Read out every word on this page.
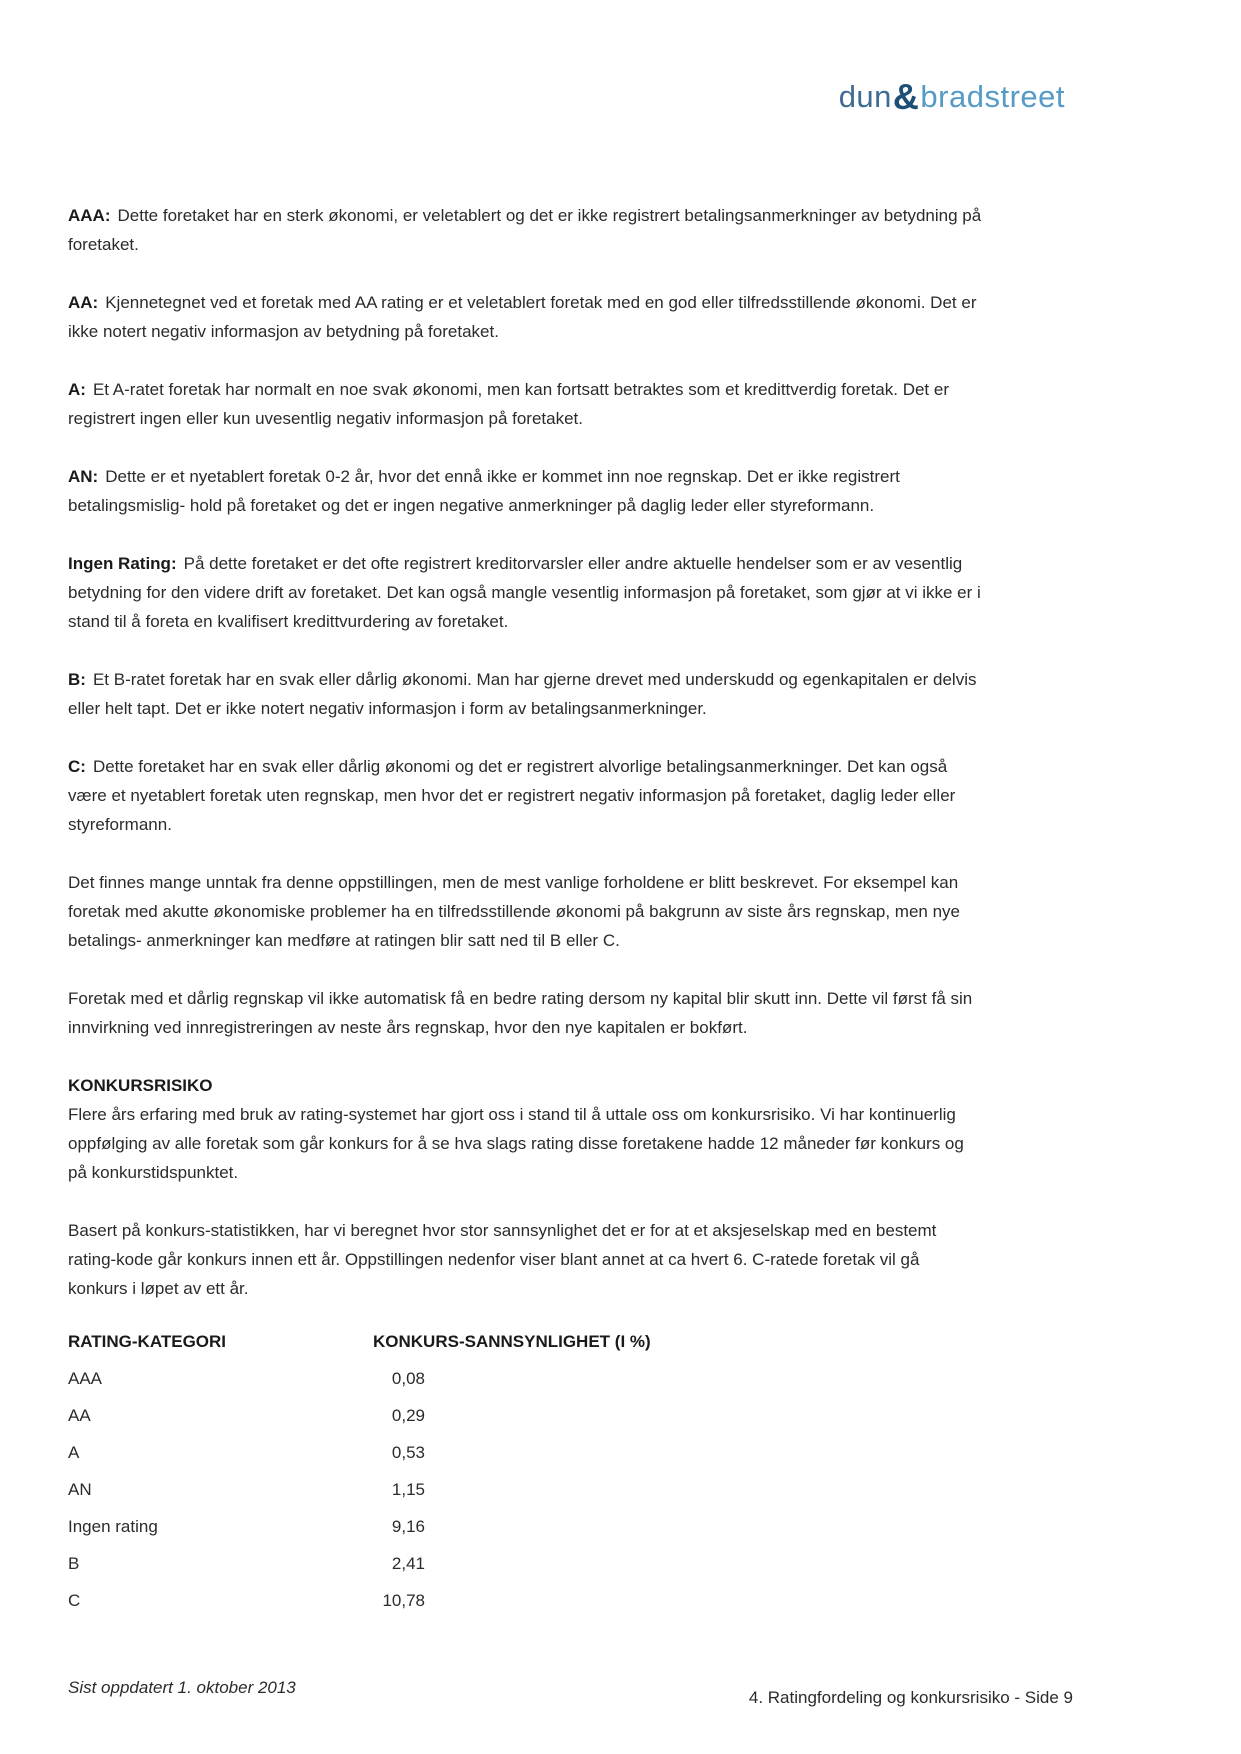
dun&bradstreet

AAA: Dette foretaket har en sterk økonomi, er veletablert og det er ikke registrert betalingsanmerkninger av betydning på foretaket.

AA: Kjennetegnet ved et foretak med AA rating er et veletablert foretak med en god eller tilfredsstillende økonomi. Det er ikke notert negativ informasjon av betydning på foretaket.

A: Et A-ratet foretak har normalt en noe svak økonomi, men kan fortsatt betraktes som et kredittverdig foretak. Det er registrert ingen eller kun uvesentlig negativ informasjon på foretaket.

AN: Dette er et nyetablert foretak 0-2 år, hvor det ennå ikke er kommet inn noe regnskap. Det er ikke registrert betalingsmislig- hold på foretaket og det er ingen negative anmerkninger på daglig leder eller styreformann.

Ingen Rating: På dette foretaket er det ofte registrert kreditorvarsler eller andre aktuelle hendelser som er av vesentlig betydning for den videre drift av foretaket. Det kan også mangle vesentlig informasjon på foretaket, som gjør at vi ikke er i stand til å foreta en kvalifisert kredittvurdering av foretaket.

B: Et B-ratet foretak har en svak eller dårlig økonomi. Man har gjerne drevet med underskudd og egenkapitalen er delvis eller helt tapt. Det er ikke notert negativ informasjon i form av betalingsanmerkninger.

C: Dette foretaket har en svak eller dårlig økonomi og det er registrert alvorlige betalingsanmerkninger. Det kan også være et nyetablert foretak uten regnskap, men hvor det er registrert negativ informasjon på foretaket, daglig leder eller styreformann.

Det finnes mange unntak fra denne oppstillingen, men de mest vanlige forholdene er blitt beskrevet. For eksempel kan foretak med akutte økonomiske problemer ha en tilfredsstillende økonomi på bakgrunn av siste års regnskap, men nye betalings- anmerkninger kan medføre at ratingen blir satt ned til B eller C.

Foretak med et dårlig regnskap vil ikke automatisk få en bedre rating dersom ny kapital blir skutt inn. Dette vil først få sin innvirkning ved innregistreringen av neste års regnskap, hvor den nye kapitalen er bokført.

KONKURSRISIKO

Flere års erfaring med bruk av rating-systemet har gjort oss i stand til å uttale oss om konkursrisiko. Vi har kontinuerlig oppfølging av alle foretak som går konkurs for å se hva slags rating disse foretakene hadde 12 måneder før konkurs og på konkurstidspunktet.

Basert på konkurs-statistikken, har vi beregnet hvor stor sannsynlighet det er for at et aksjeselskap med en bestemt rating-kode går konkurs innen ett år. Oppstillingen nedenfor viser blant annet at ca hvert 6. C-ratede foretak vil gå konkurs i løpet av ett år.

RATING-KATEGORI	KONKURS-SANNSYNLIGHET (I %)
AAA	0,08
AA	0,29
A	0,53
AN	1,15
Ingen rating	9,16
B	2,41
C	10,78
Sist oppdatert 1. oktober 2013
4. Ratingfordeling og konkursrisiko - Side 9
